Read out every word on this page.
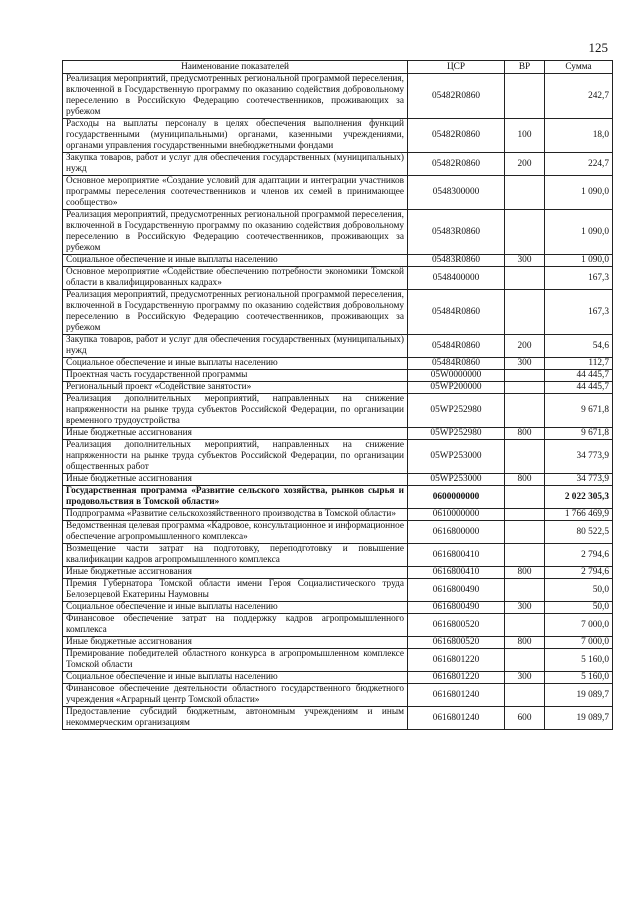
125
Наименование показателей	ЦСР	ВР	Сумма
Реализация мероприятий, предусмотренных региональной программой переселения, включенной в Государственную программу по оказанию содействия добровольному переселению в Российскую Федерацию соотечественников, проживающих за рубежом	05482R0860		242,7
Расходы на выплаты персоналу в целях обеспечения выполнения функций государственными (муниципальными) органами, казенными учреждениями, органами управления государственными внебюджетными фондами	05482R0860	100	18,0
Закупка товаров, работ и услуг для обеспечения государственных (муниципальных) нужд	05482R0860	200	224,7
Основное мероприятие «Создание условий для адаптации и интеграции участников программы переселения соотечественников и членов их семей в принимающее сообщество»	0548300000		1 090,0
Реализация мероприятий, предусмотренных региональной программой переселения, включенной в Государственную программу по оказанию содействия добровольному переселению в Российскую Федерацию соотечественников, проживающих за рубежом	05483R0860		1 090,0
Социальное обеспечение и иные выплаты населению	05483R0860	300	1 090,0
Основное мероприятие «Содействие обеспечению потребности экономики Томской области в квалифицированных кадрах»	0548400000		167,3
Реализация мероприятий, предусмотренных региональной программой переселения, включенной в Государственную программу по оказанию содействия добровольному переселению в Российскую Федерацию соотечественников, проживающих за рубежом	05484R0860		167,3
Закупка товаров, работ и услуг для обеспечения государственных (муниципальных) нужд	05484R0860	200	54,6
Социальное обеспечение и иные выплаты населению	05484R0860	300	112,7
Проектная часть государственной программы	05W0000000		44 445,7
Региональный проект «Содействие занятости»	05WP200000		44 445,7
Реализация дополнительных мероприятий, направленных на снижение напряженности на рынке труда субъектов Российской Федерации, по организации временного трудоустройства	05WP252980		9 671,8
Иные бюджетные ассигнования	05WP252980	800	9 671,8
Реализация дополнительных мероприятий, направленных на снижение напряженности на рынке труда субъектов Российской Федерации, по организации общественных работ	05WP253000		34 773,9
Иные бюджетные ассигнования	05WP253000	800	34 773,9
Государственная программа «Развитие сельского хозяйства, рынков сырья и продовольствия в Томской области»	0600000000		2 022 305,3
Подпрограмма «Развитие сельскохозяйственного производства в Томской области»	0610000000		1 766 469,9
Ведомственная целевая программа «Кадровое, консультационное и информационное обеспечение агропромышленного комплекса»	0616800000		80 522,5
Возмещение части затрат на подготовку, переподготовку и повышение квалификации кадров агропромышленного комплекса	0616800410		2 794,6
Иные бюджетные ассигнования	0616800410	800	2 794,6
Премия Губернатора Томской области имени Героя Социалистического труда Белозерцевой Екатерины Наумовны	0616800490		50,0
Социальное обеспечение и иные выплаты населению	0616800490	300	50,0
Финансовое обеспечение затрат на поддержку кадров агропромышленного комплекса	0616800520		7 000,0
Иные бюджетные ассигнования	0616800520	800	7 000,0
Премирование победителей областного конкурса в агропромышленном комплексе Томской области	0616801220		5 160,0
Социальное обеспечение и иные выплаты населению	0616801220	300	5 160,0
Финансовое обеспечение деятельности областного государственного бюджетного учреждения «Аграрный центр Томской области»	0616801240		19 089,7
Предоставление субсидий бюджетным, автономным учреждениям и иным некоммерческим организациям	0616801240	600	19 089,7
